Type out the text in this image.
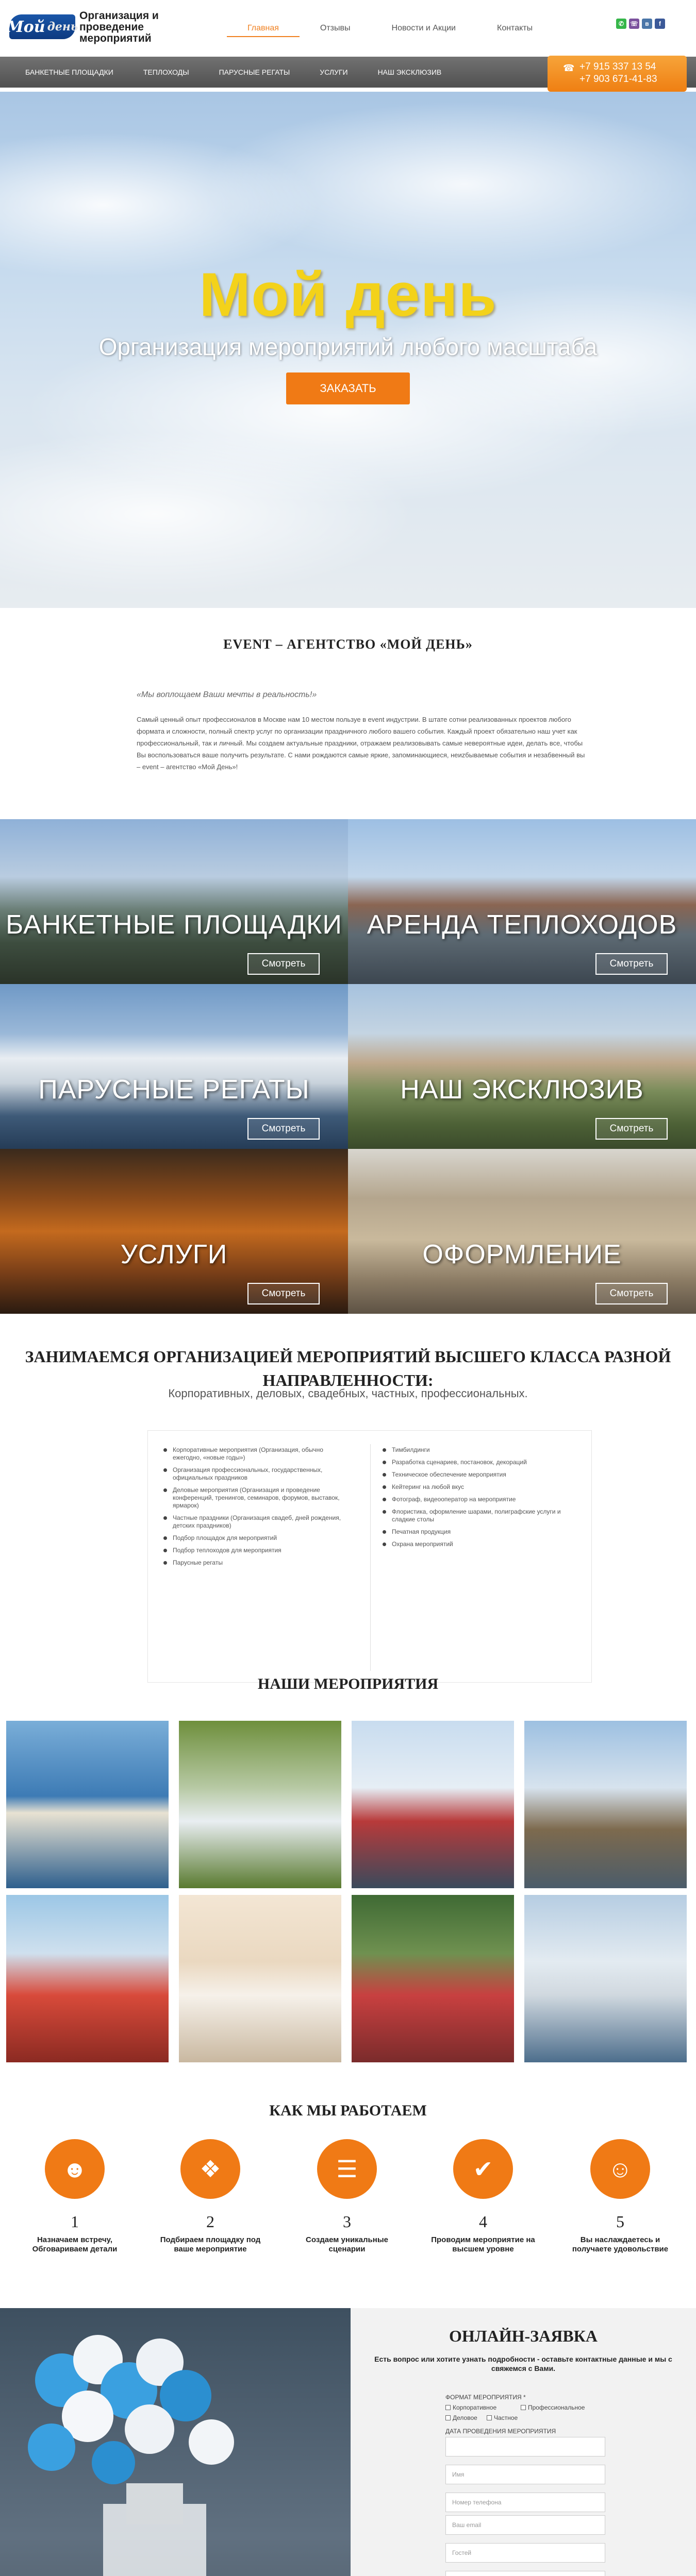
Мой день
Организация и проведение мероприятий
Главная	Отзывы	Новости и Акции	Контакты	✆	☏	в	f
БАНКЕТНЫЕ ПЛОЩАДКИ	ТЕПЛОХОДЫ	ПАРУСНЫЕ РЕГАТЫ	УСЛУГИ	НАШ ЭКСКЛЮЗИВ	☎ +7 915 337 13 54
+7 903 671-41-83
Мой день
Организация мероприятий любого масштаба
ЗАКАЗАТЬ
EVENT – АГЕНТСТВО «МОЙ ДЕНЬ»
«Мы воплощаем Ваши мечты в реальность!»

Самый ценный опыт профессионалов в Москве нам 10 местом пользуе в event индустрии. В штате сотни реализованных проектов любого формата и сложности, полный спектр услуг по организации праздничного любого вашего события. Каждый проект обязательно наш учет как профессиональный, так и личный. Мы создаем актуальные праздники, отражаем реализовывать самые невероятные идеи, делать все, чтобы Вы воспользоваться ваше получить результате. С нами рождаются самые яркие, запоминающиеся, неиzбываемые события и незабвенный вы – event – агентство «Мой День»!

БАНКЕТНЫЕ ПЛОЩАДКИ
Смотреть
АРЕНДА ТЕПЛОХОДОВ
Смотреть
ПАРУСНЫЕ РЕГАТЫ
Смотреть
НАШ ЭКСКЛЮЗИВ
Смотреть
УСЛУГИ
Смотреть
ОФОРМЛЕНИЕ
Смотреть
ЗАНИМАЕМСЯ ОРГАНИЗАЦИЕЙ МЕРОПРИЯТИЙ ВЫСШЕГО КЛАССА РАЗНОЙ НАПРАВЛЕННОСТИ:
Корпоративных, деловых, свадебных, частных, профессиональных.
Корпоративные мероприятия (Организация, обычно ежегодно, «новые годы»)
Организация профессиональных, государственных, официальных праздников
Деловые мероприятия (Организация и проведение конференций, тренингов, семинаров, форумов, выставок, ярмарок)
Частные праздники (Организация свадеб, дней рождения, детских праздников)
Подбор площадок для мероприятий
Подбор теплоходов для мероприятия
Парусные регаты
Тимбилдинги
Разработка сценариев, постановок, декораций
Техническое обеспечение мероприятия
Кейтеринг на любой вкус
Фотограф, видеооператор на мероприятие
Флористика, оформление шарами, полиграфские услуги и сладкие столы
Печатная продукция
Охрана мероприятий
НАШИ МЕРОПРИЯТИЯ
КАК МЫ РАБОТАЕМ
☻
1
Назначаем встречу, Обговариваем детали
❖
2
Подбираем площадку под ваше мероприятие
☰
3
Создаем уникальные сценарии
✔
4
Проводим мероприятие на высшем уровне
☺
5
Вы наслаждаетесь и получаете удовольствие
ОНЛАЙН-ЗАЯВКА
Есть вопрос или хотите узнать подробности - оставьте контактные данные и мы с свяжемся с Вами.
ФОРМАТ МЕРОПРИЯТИЯ *
Корпоративное	Профессиональное
Деловое	Частное
ДАТА ПРОВЕДЕНИЯ МЕРОПРИЯТИЯ
Имя
Номер телефона
Ваш email
Гостей
